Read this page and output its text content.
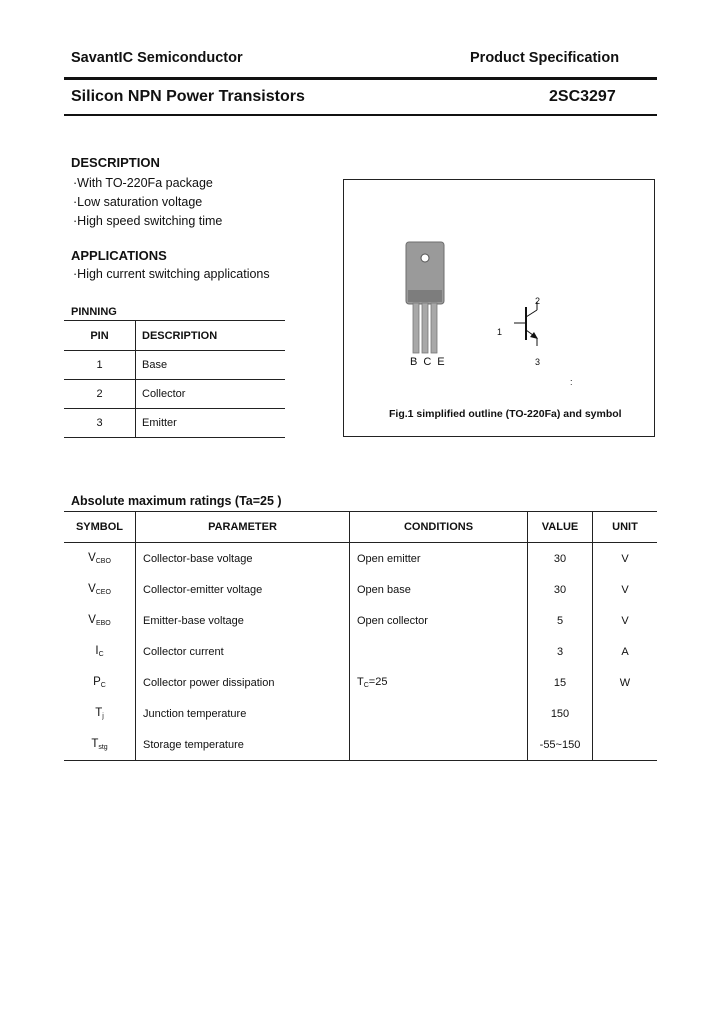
SavantIC Semiconductor	Product Specification
Silicon NPN Power Transistors	2SC3297
DESCRIPTION
·With TO-220Fa package
·Low saturation voltage
·High speed switching time
APPLICATIONS
·High current switching applications
PINNING
PIN	DESCRIPTION
1	Base
2	Collector
3	Emitter
BCE
1
2
3
:
Fig.1 simplified outline (TO-220Fa) and symbol
Absolute maximum ratings (Ta=25 )
SYMBOL	PARAMETER	CONDITIONS	VALUE	UNIT
VCBO	Collector-base voltage	Open emitter	30	V
VCEO	Collector-emitter voltage	Open base	30	V
VEBO	Emitter-base voltage	Open collector	5	V
IC	Collector current		3	A
PC	Collector power dissipation	TC=25	15	W
Tj	Junction temperature		150	
Tstg	Storage temperature		-55~150	
